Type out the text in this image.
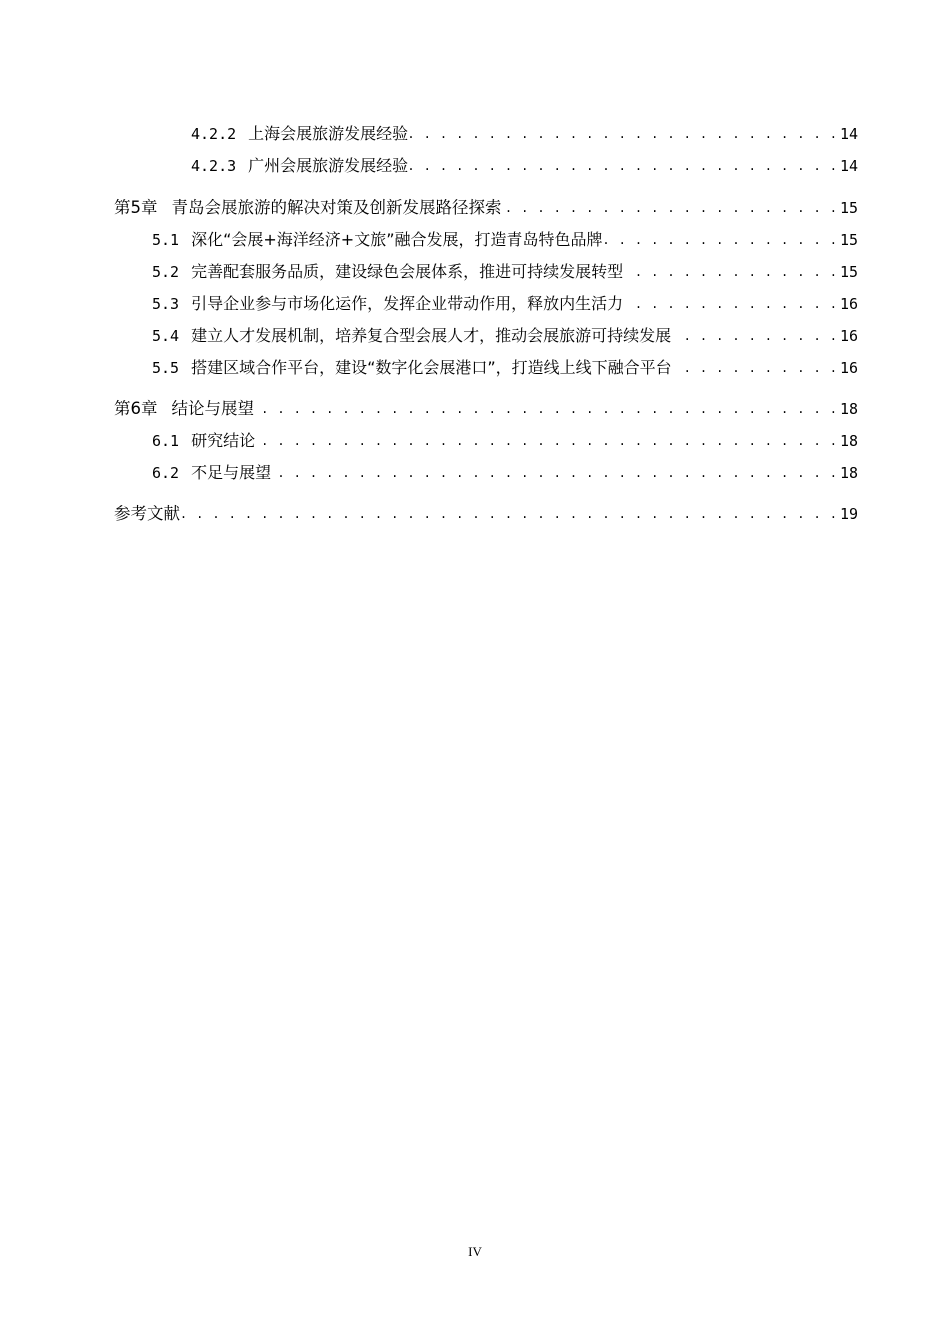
4.2.2 上海会展旅游发展经验 . . .	14
4.2.3 广州会展旅游发展经验 . . .	14
第5章 青岛会展旅游的解决对策及创新发展路径探索 . . .	15
5.1 深化“会展+海洋经济+文旅”融合发展，打造青岛特色品牌 . . .	15
5.2 完善配套服务品质，建设绿色会展体系，推进可持续发展转型 . . .	15
5.3 引导企业参与市场化运作，发挥企业带动作用，释放内生活力 . . .	16
5.4 建立人才发展机制，培养复合型会展人才，推动会展旅游可持续发展 . . .	16
5.5 搭建区域合作平台，建设“数字化会展港口”，打造线上线下融合平台 . . .	16
第6章 结论与展望 . . .	18
6.1 研究结论 . . .	18
6.2 不足与展望 . . .	18
参考文献 . . .	19
IV
